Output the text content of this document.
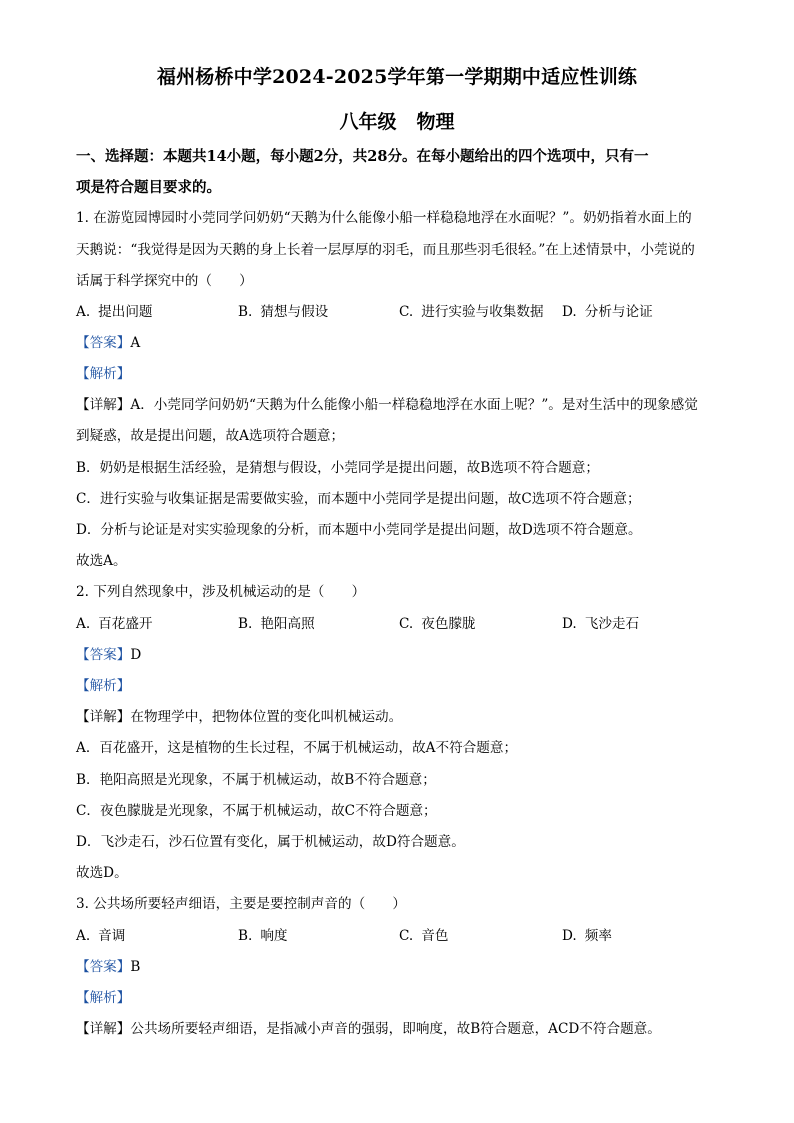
福州杨桥中学2024-2025学年第一学期期中适应性训练
八年级 物理
一、选择题：本题共14小题，每小题2分，共28分。在每小题给出的四个选项中，只有一
项是符合题目要求的。
1. 在游览园博园时小莞同学问奶奶“天鹅为什么能像小船一样稳稳地浮在水面呢？”。奶奶指着水面上的
天鹅说：“我觉得是因为天鹅的身上长着一层厚厚的羽毛，而且那些羽毛很轻。”在上述情景中，小莞说的
话属于科学探究中的（　　）
A. 提出问题	B. 猜想与假设	C. 进行实验与收集数据 D. 分析与论证
【答案】A
【解析】
【详解】A．小莞同学问奶奶“天鹅为什么能像小船一样稳稳地浮在水面上呢？”。是对生活中的现象感觉
到疑惑，故是提出问题，故A选项符合题意；
B．奶奶是根据生活经验，是猜想与假设，小莞同学是提出问题，故B选项不符合题意；
C．进行实验与收集证据是需要做实验，而本题中小莞同学是提出问题，故C选项不符合题意；
D．分析与论证是对实实验现象的分析，而本题中小莞同学是提出问题，故D选项不符合题意。
故选A。
2. 下列自然现象中，涉及机械运动的是（　　）
A. 百花盛开	B. 艳阳高照	C. 夜色朦胧	D. 飞沙走石
【答案】D
【解析】
【详解】在物理学中，把物体位置的变化叫机械运动。
A．百花盛开，这是植物的生长过程，不属于机械运动，故A不符合题意；
B．艳阳高照是光现象，不属于机械运动，故B不符合题意；
C．夜色朦胧是光现象，不属于机械运动，故C不符合题意；
D．飞沙走石，沙石位置有变化，属于机械运动，故D符合题意。
故选D。
3. 公共场所要轻声细语，主要是要控制声音的（　　）
A. 音调	B. 响度	C. 音色	D. 频率
【答案】B
【解析】
【详解】公共场所要轻声细语，是指减小声音的强弱，即响度，故B符合题意，ACD不符合题意。
